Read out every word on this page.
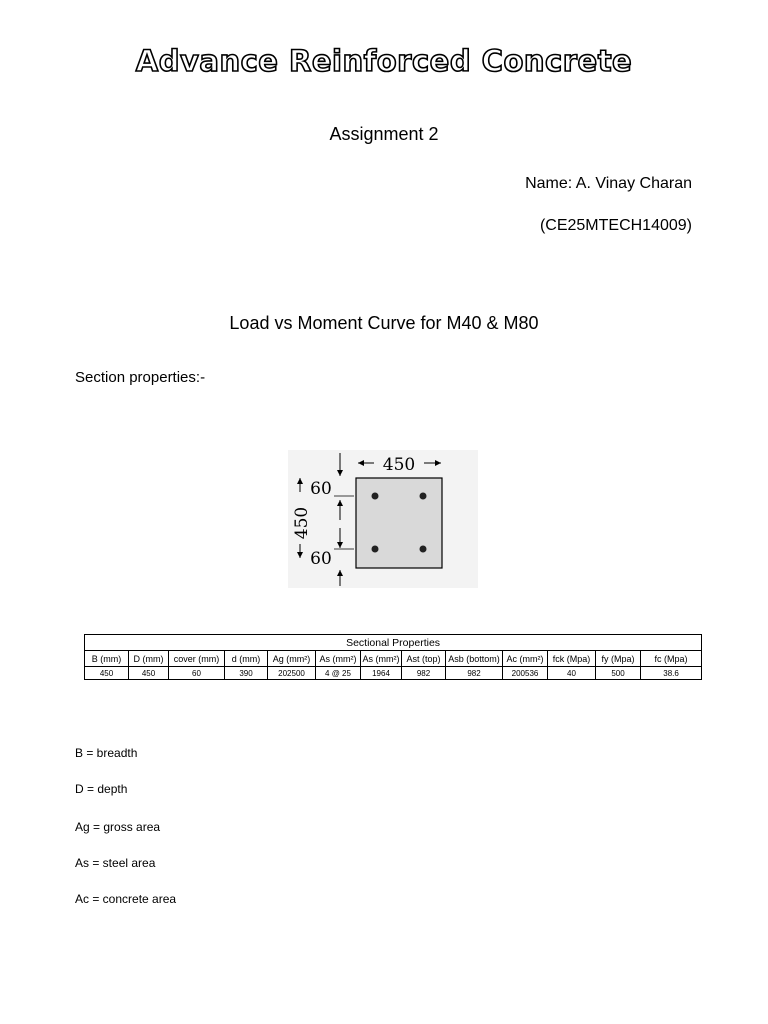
Advance Reinforced Concrete
Assignment 2
Name: A. Vinay Charan
(CE25MTECH14009)
Load vs Moment Curve for M40 & M80
Section properties:-
450
60
60
450
Sectional Properties												
B (mm)	D (mm)	cover (mm)	d (mm)	Ag (mm²)	As (mm²)	As (mm²)	Ast (top)	Asb (bottom)	Ac (mm²)	fck (Mpa)	fy (Mpa)	fc (Mpa)
450	450	60	390	202500	4 @ 25	1964	982	982	200536	40	500	38.6
B = breadth
D = depth
Ag = gross area
As = steel area
Ac = concrete area
